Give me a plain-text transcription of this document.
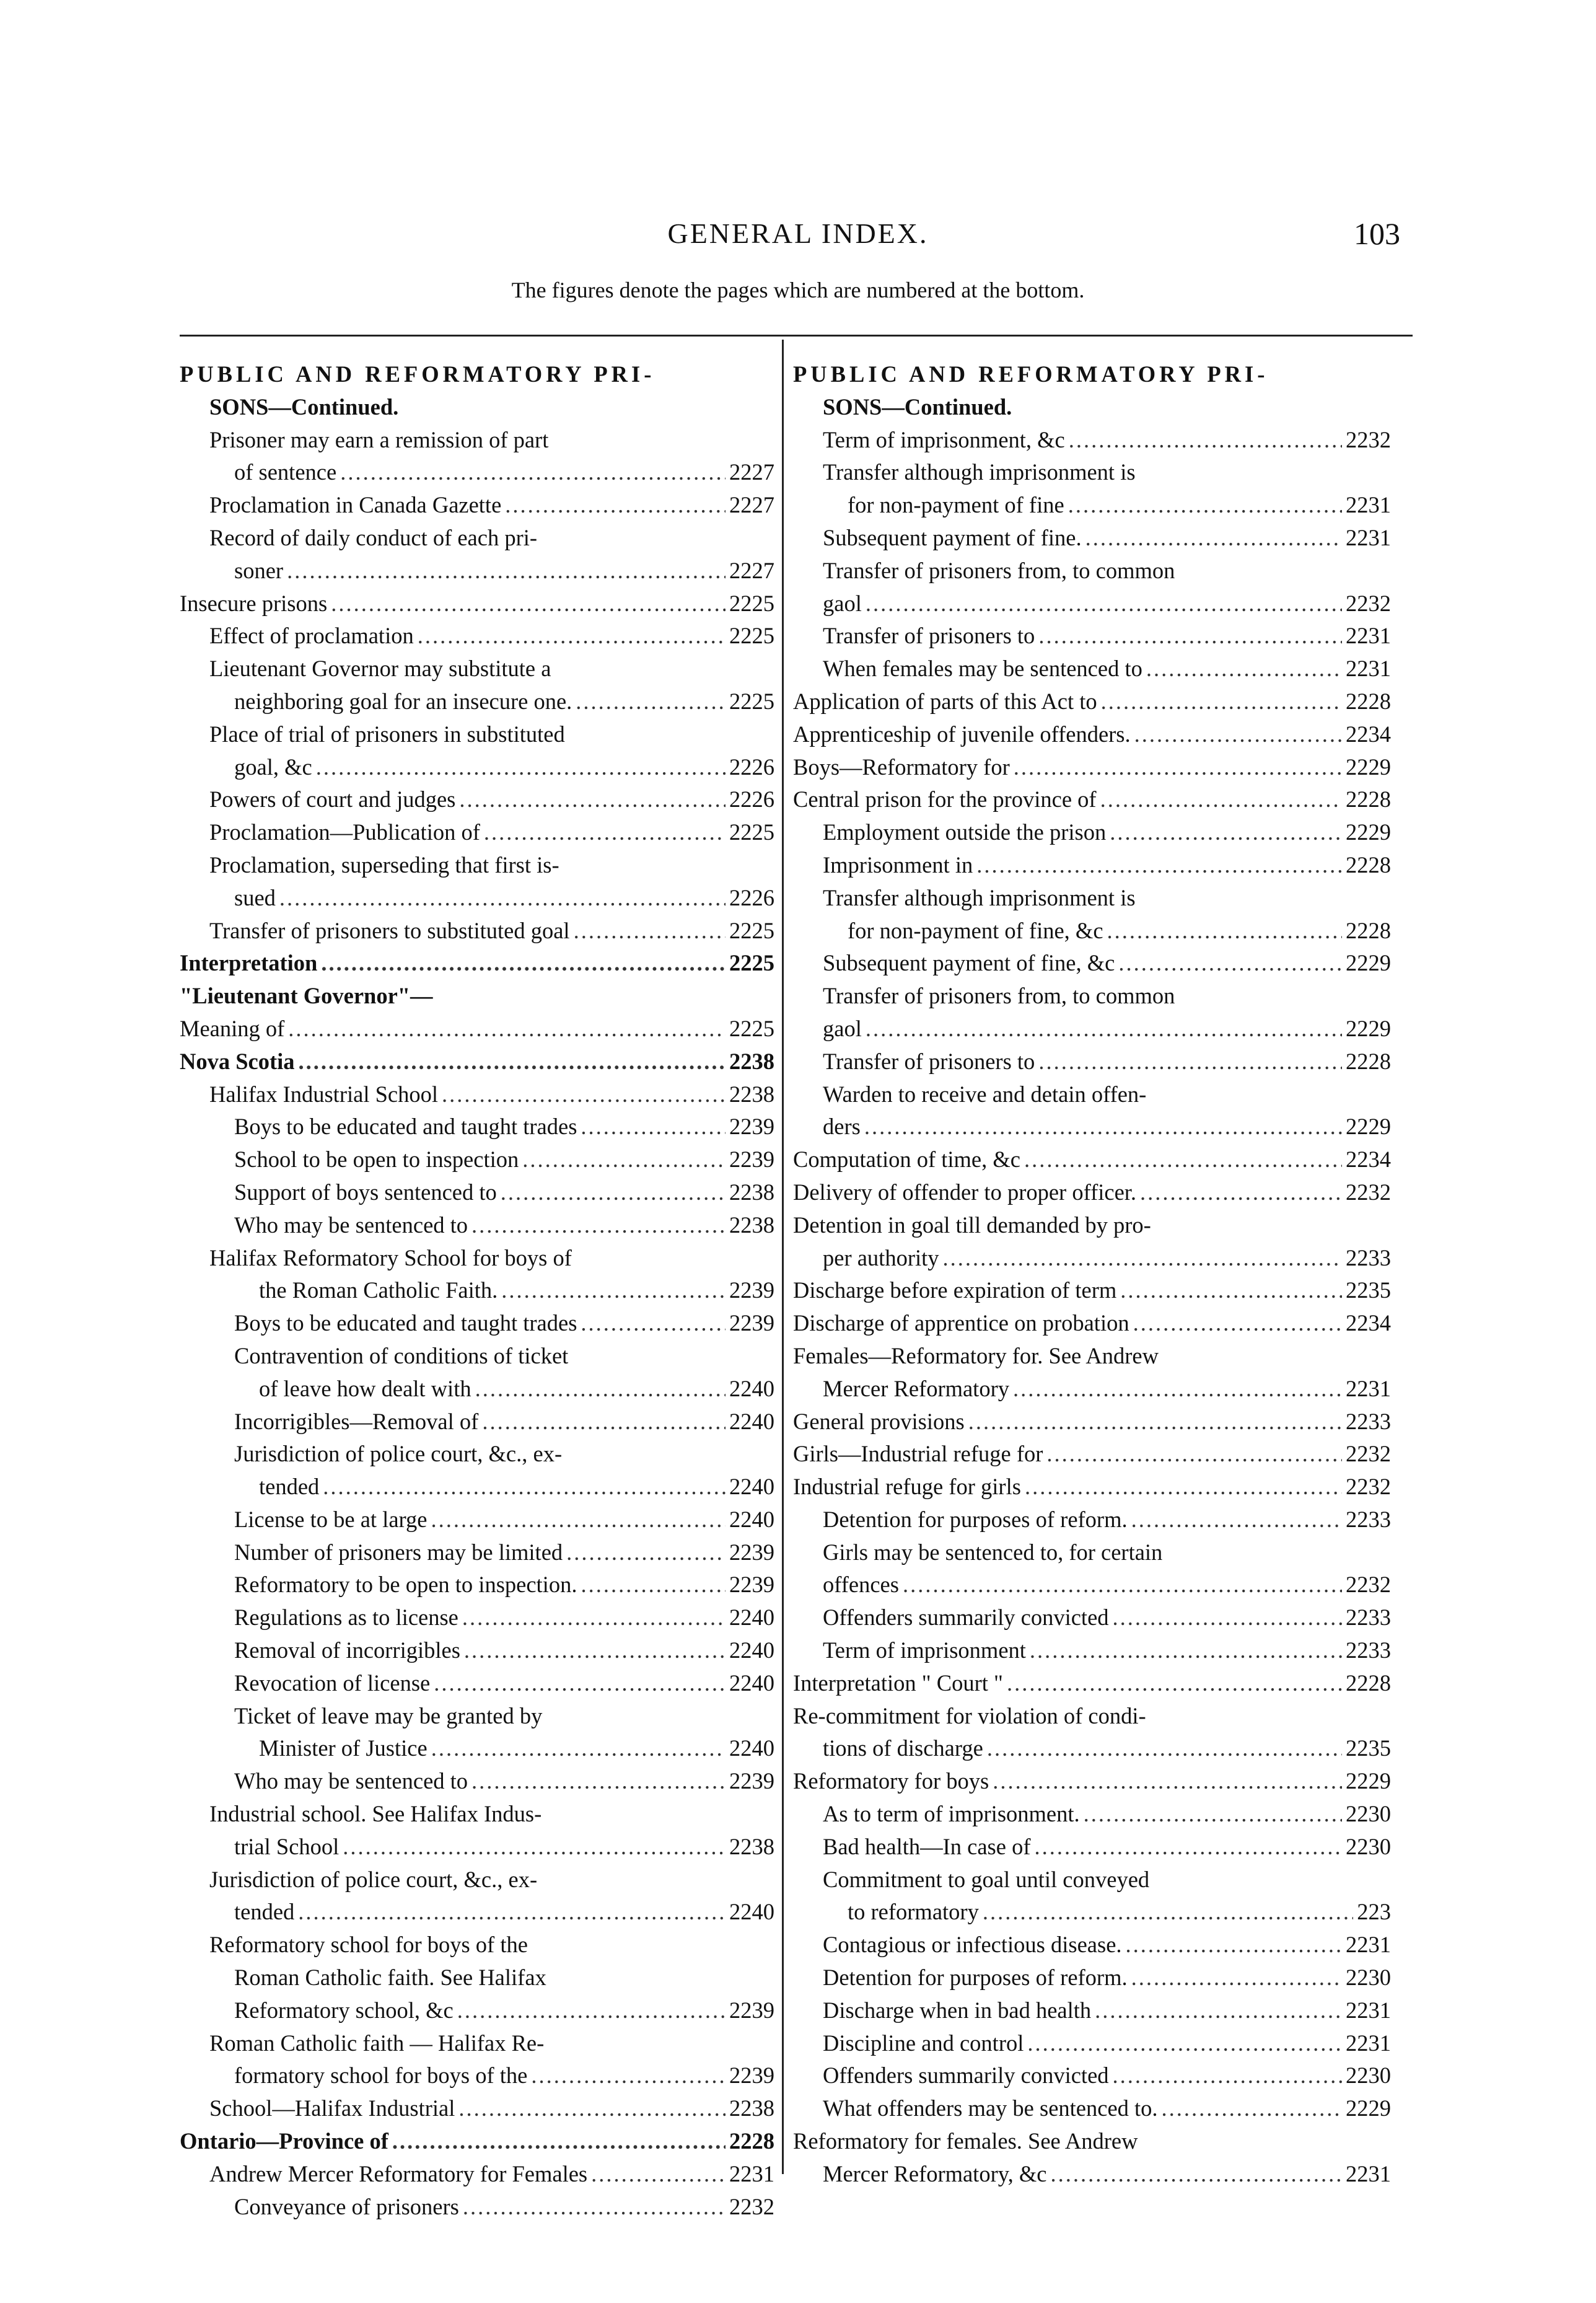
GENERAL INDEX.	103
The figures denote the pages which are numbered at the bottom.
PUBLIC AND REFORMATORY PRI-
SONS—Continued.
Prisoner may earn a remission of part
of sentence .....	2227
Proclamation in Canada Gazette .....	2227
Record of daily conduct of each pri-
soner .....	2227
Insecure prisons .....	2225
Effect of proclamation .....	2225
Lieutenant Governor may substitute a
neighboring goal for an insecure one. .....	2225
Place of trial of prisoners in substituted
goal, &c .....	2226
Powers of court and judges .....	2226
Proclamation—Publication of .....	2225
Proclamation, superseding that first is-
sued .....	2226
Transfer of prisoners to substituted goal .....	2225
Interpretation .....	2225
"Lieutenant Governor"—
Meaning of .....	2225
Nova Scotia .....	2238
Halifax Industrial School .....	2238
Boys to be educated and taught trades .....	2239
School to be open to inspection .....	2239
Support of boys sentenced to .....	2238
Who may be sentenced to .....	2238
Halifax Reformatory School for boys of
the Roman Catholic Faith. .....	2239
Boys to be educated and taught trades .....	2239
Contravention of conditions of ticket
of leave how dealt with .....	2240
Incorrigibles—Removal of .....	2240
Jurisdiction of police court, &c., ex-
tended .....	2240
License to be at large .....	2240
Number of prisoners may be limited .....	2239
Reformatory to be open to inspection. .....	2239
Regulations as to license .....	2240
Removal of incorrigibles .....	2240
Revocation of license .....	2240
Ticket of leave may be granted by
Minister of Justice .....	2240
Who may be sentenced to .....	2239
Industrial school. See Halifax Indus-
trial School .....	2238
Jurisdiction of police court, &c., ex-
tended .....	2240
Reformatory school for boys of the
Roman Catholic faith. See Halifax
Reformatory school, &c .....	2239
Roman Catholic faith — Halifax Re-
formatory school for boys of the .....	2239
School—Halifax Industrial .....	2238
Ontario—Province of .....	2228
Andrew Mercer Reformatory for Females .....	2231
Conveyance of prisoners .....	2232
PUBLIC AND REFORMATORY PRI-
SONS—Continued.
Term of imprisonment, &c .....	2232
Transfer although imprisonment is
for non-payment of fine .....	2231
Subsequent payment of fine. .....	2231
Transfer of prisoners from, to common
gaol .....	2232
Transfer of prisoners to .....	2231
When females may be sentenced to .....	2231
Application of parts of this Act to .....	2228
Apprenticeship of juvenile offenders. .....	2234
Boys—Reformatory for .....	2229
Central prison for the province of .....	2228
Employment outside the prison .....	2229
Imprisonment in .....	2228
Transfer although imprisonment is
for non-payment of fine, &c .....	2228
Subsequent payment of fine, &c .....	2229
Transfer of prisoners from, to common
gaol .....	2229
Transfer of prisoners to .....	2228
Warden to receive and detain offen-
ders .....	2229
Computation of time, &c .....	2234
Delivery of offender to proper officer. .....	2232
Detention in goal till demanded by pro-
per authority .....	2233
Discharge before expiration of term .....	2235
Discharge of apprentice on probation .....	2234
Females—Reformatory for. See Andrew
Mercer Reformatory .....	2231
General provisions .....	2233
Girls—Industrial refuge for .....	2232
Industrial refuge for girls .....	2232
Detention for purposes of reform. .....	2233
Girls may be sentenced to, for certain
offences .....	2232
Offenders summarily convicted .....	2233
Term of imprisonment .....	2233
Interpretation " Court " .....	2228
Re-commitment for violation of condi-
tions of discharge .....	2235
Reformatory for boys .....	2229
As to term of imprisonment. .....	2230
Bad health—In case of .....	2230
Commitment to goal until conveyed
to reformatory .....	223
Contagious or infectious disease. .....	2231
Detention for purposes of reform. .....	2230
Discharge when in bad health .....	2231
Discipline and control .....	2231
Offenders summarily convicted .....	2230
What offenders may be sentenced to. .....	2229
Reformatory for females. See Andrew
Mercer Reformatory, &c .....	2231
